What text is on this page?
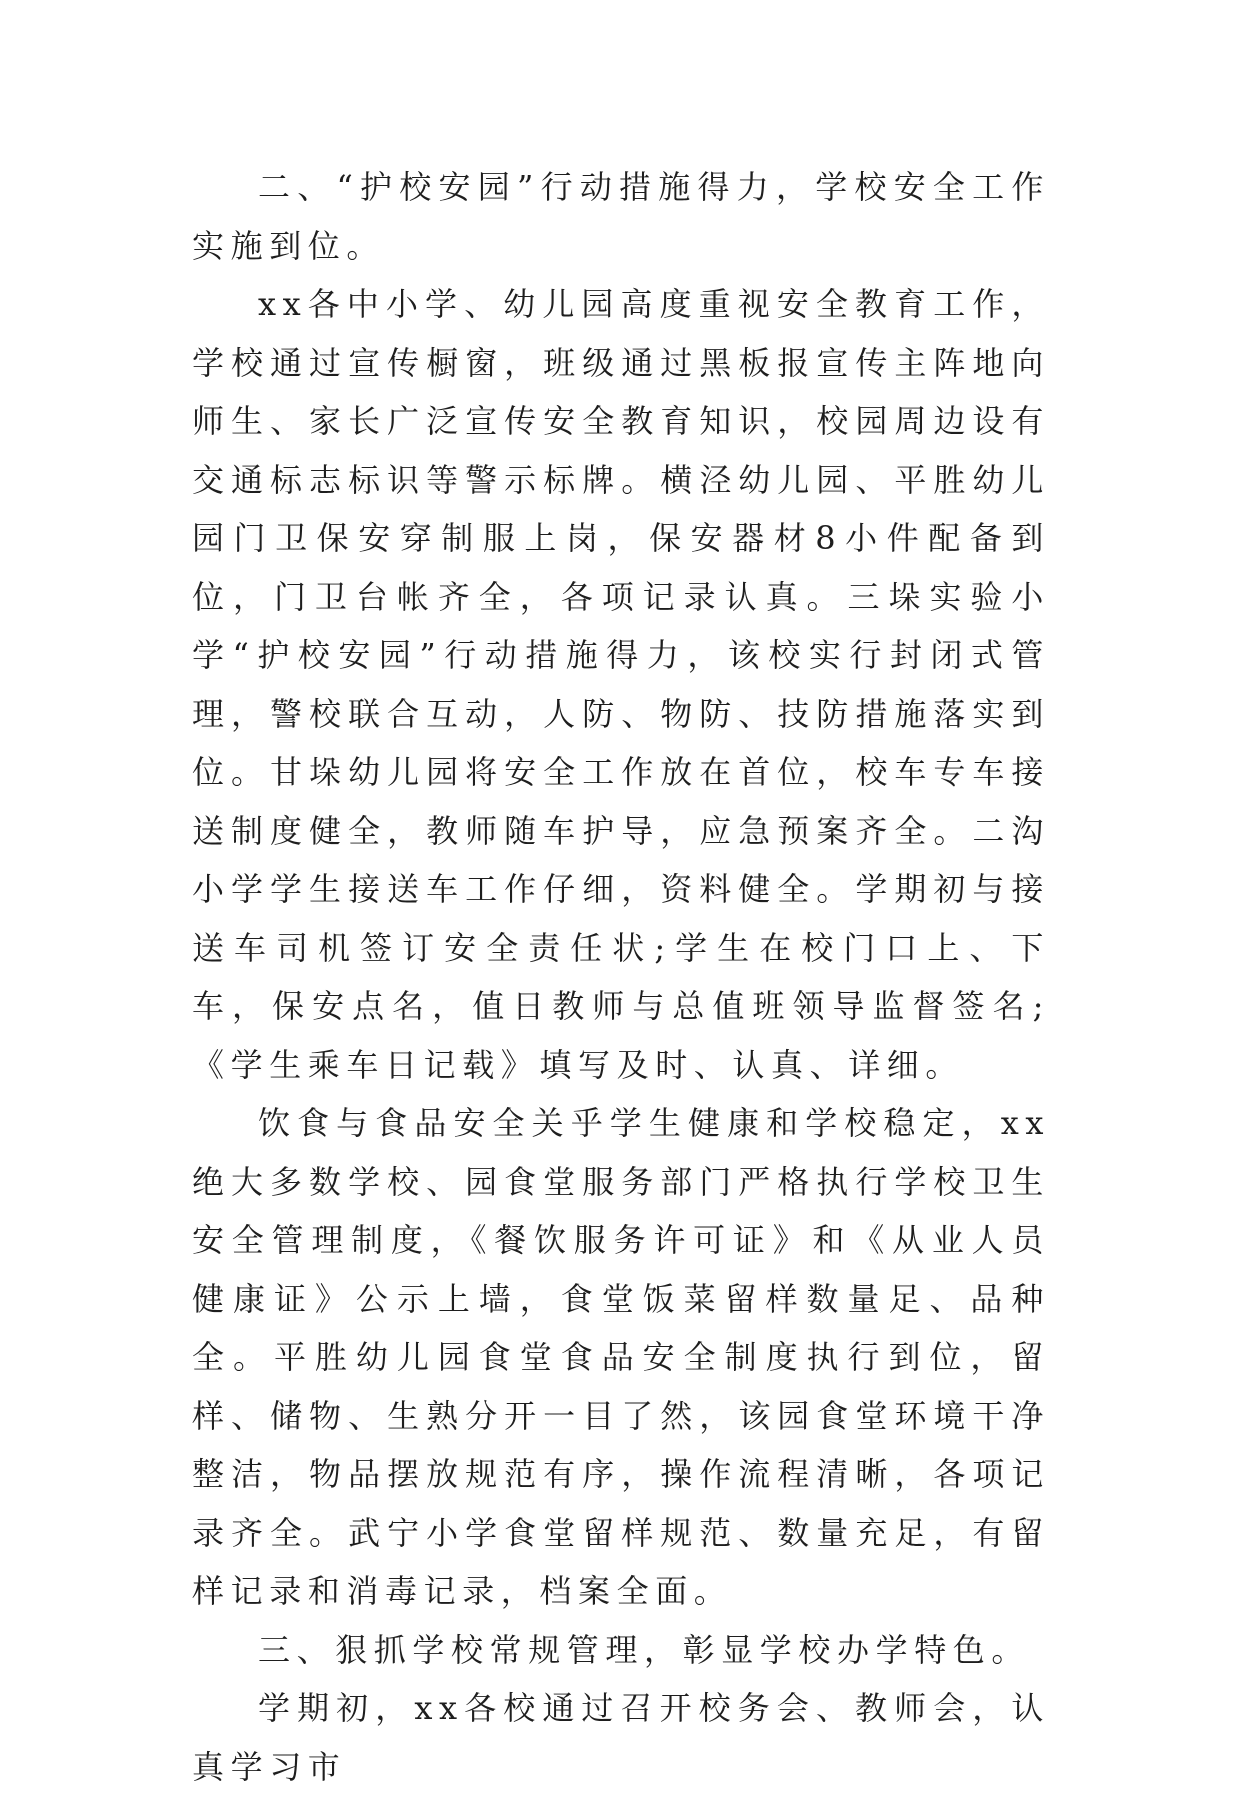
二、“护校安园”行动措施得力，学校安全工作实施到位。

xx各中小学、幼儿园高度重视安全教育工作，学校通过宣传橱窗，班级通过黑板报宣传主阵地向师生、家长广泛宣传安全教育知识，校园周边设有交通标志标识等警示标牌。横泾幼儿园、平胜幼儿园门卫保安穿制服上岗，保安器材8小件配备到位，门卫台帐齐全，各项记录认真。三垛实验小学“护校安园”行动措施得力，该校实行封闭式管理，警校联合互动，人防、物防、技防措施落实到位。甘垛幼儿园将安全工作放在首位，校车专车接送制度健全，教师随车护导，应急预案齐全。二沟小学学生接送车工作仔细，资料健全。学期初与接送车司机签订安全责任状;学生在校门口上、下车，保安点名，值日教师与总值班领导监督签名;《学生乘车日记载》填写及时、认真、详细。

饮食与食品安全关乎学生健康和学校稳定，xx绝大多数学校、园食堂服务部门严格执行学校卫生安全管理制度，《餐饮服务许可证》和《从业人员健康证》公示上墙，食堂饭菜留样数量足、品种全。平胜幼儿园食堂食品安全制度执行到位，留样、储物、生熟分开一目了然，该园食堂环境干净整洁，物品摆放规范有序，操作流程清晰，各项记录齐全。武宁小学食堂留样规范、数量充足，有留样记录和消毒记录，档案全面。

三、狠抓学校常规管理，彰显学校办学特色。

学期初，xx各校通过召开校务会、教师会，认真学习市
